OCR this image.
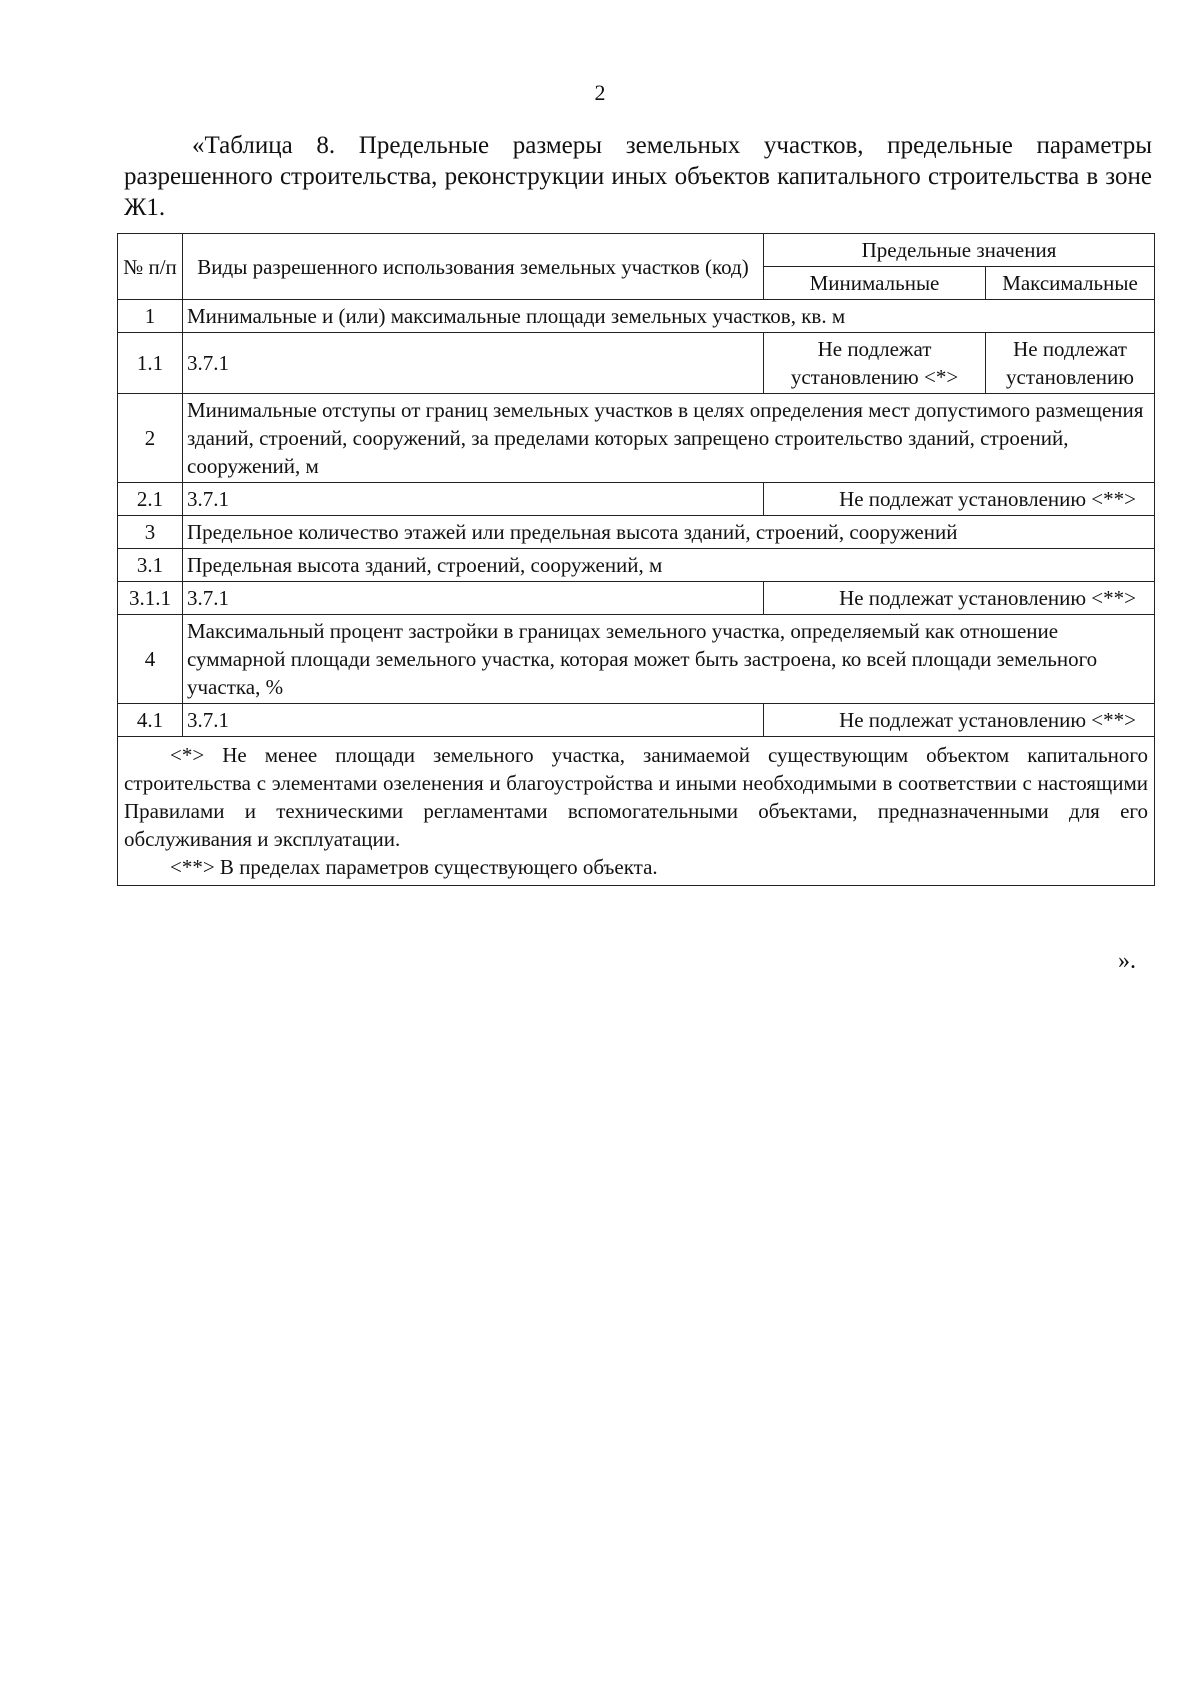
2
«Таблица 8. Предельные размеры земельных участков, предельные параметры разрешенного строительства, реконструкции иных объектов капитального строительства в зоне Ж1.
№ п/п	Виды разрешенного использования земельных участков (код)	Предельные значения	
		Минимальные	Максимальные
1	Минимальные и (или) максимальные площади земельных участков, кв. м		
1.1	3.7.1	Не подлежат установлению <*>	Не подлежат установлению
2	Минимальные отступы от границ земельных участков в целях определения мест допустимого размещения зданий, строений, сооружений, за пределами которых запрещено строительство зданий, строений, сооружений, м		
2.1	3.7.1	Не подлежат установлению <**>	
3	Предельное количество этажей или предельная высота зданий, строений, сооружений		
3.1	Предельная высота зданий, строений, сооружений, м		
3.1.1	3.7.1	Не подлежат установлению <**>	
4	Максимальный процент застройки в границах земельного участка, определяемый как отношение суммарной площади земельного участка, которая может быть застроена, ко всей площади земельного участка, %		
4.1	3.7.1	Не подлежат установлению <**>	

<*> Не менее площади земельного участка, занимаемой существующим объектом капитального строительства с элементами озеленения и благоустройства и иными необходимыми в соответствии с настоящими Правилами и техническими регламентами вспомогательными объектами, предназначенными для его обслуживания и эксплуатации.

<**> В пределах параметров существующего объекта.			

».
